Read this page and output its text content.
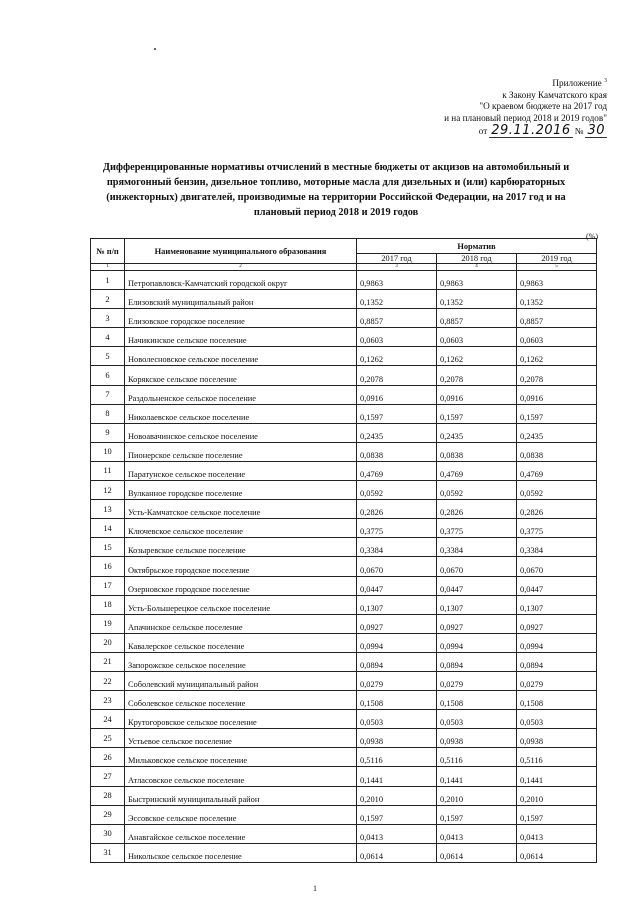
Приложение $^3$
к Закону Камчатского края
"О краевом бюджете на 2017 год
и на плановый период 2018 и 2019 годов"
от 29.11.2016 № 30
Дифференцированные нормативы отчислений в местные бюджеты от акцизов на автомобильный и прямогонный бензин, дизельное топливо, моторные масла для дизельных и (или) карбюраторных (инжекторных) двигателей, производимые на территории Российской Федерации, на 2017 год и на плановый период 2018 и 2019 годов
(%)
№ п/п	Наименование муниципального образования	Норматив		
		2017 год	2018 год	2019 год
1	2	3	4	5
1	Петропавловск-Камчатский городской округ	0,9863	0,9863	0,9863
2	Елизовский муниципальный район	0,1352	0,1352	0,1352
3	Елизовское городское поселение	0,8857	0,8857	0,8857
4	Начикинское сельское поселение	0,0603	0,0603	0,0603
5	Новолесновское сельское поселение	0,1262	0,1262	0,1262
6	Корякское сельское поселение	0,2078	0,2078	0,2078
7	Раздольненское сельское поселение	0,0916	0,0916	0,0916
8	Николаевское сельское поселение	0,1597	0,1597	0,1597
9	Новоавачинское сельское поселение	0,2435	0,2435	0,2435
10	Пионерское сельское поселение	0,0838	0,0838	0,0838
11	Паратунское сельское поселение	0,4769	0,4769	0,4769
12	Вулканное городское поселение	0,0592	0,0592	0,0592
13	Усть-Камчатское сельское поселение	0,2826	0,2826	0,2826
14	Ключевское сельское поселение	0,3775	0,3775	0,3775
15	Козыревское сельское поселение	0,3384	0,3384	0,3384
16	Октябрьское городское поселение	0,0670	0,0670	0,0670
17	Озерновское городское поселение	0,0447	0,0447	0,0447
18	Усть-Большерецкое сельское поселение	0,1307	0,1307	0,1307
19	Апачинское сельское поселение	0,0927	0,0927	0,0927
20	Кавалерское сельское поселение	0,0994	0,0994	0,0994
21	Запорожское сельское поселение	0,0894	0,0894	0,0894
22	Соболевский муниципальный район	0,0279	0,0279	0,0279
23	Соболевское сельское поселение	0,1508	0,1508	0,1508
24	Крутогоровское сельское поселение	0,0503	0,0503	0,0503
25	Устьевое сельское поселение	0,0938	0,0938	0,0938
26	Мильковское сельское поселение	0,5116	0,5116	0,5116
27	Атласовское сельское поселение	0,1441	0,1441	0,1441
28	Быстринский муниципальный район	0,2010	0,2010	0,2010
29	Эссовское сельское поселение	0,1597	0,1597	0,1597
30	Анавгайское сельское поселение	0,0413	0,0413	0,0413
31	Никольское сельское поселение	0,0614	0,0614	0,0614
1
